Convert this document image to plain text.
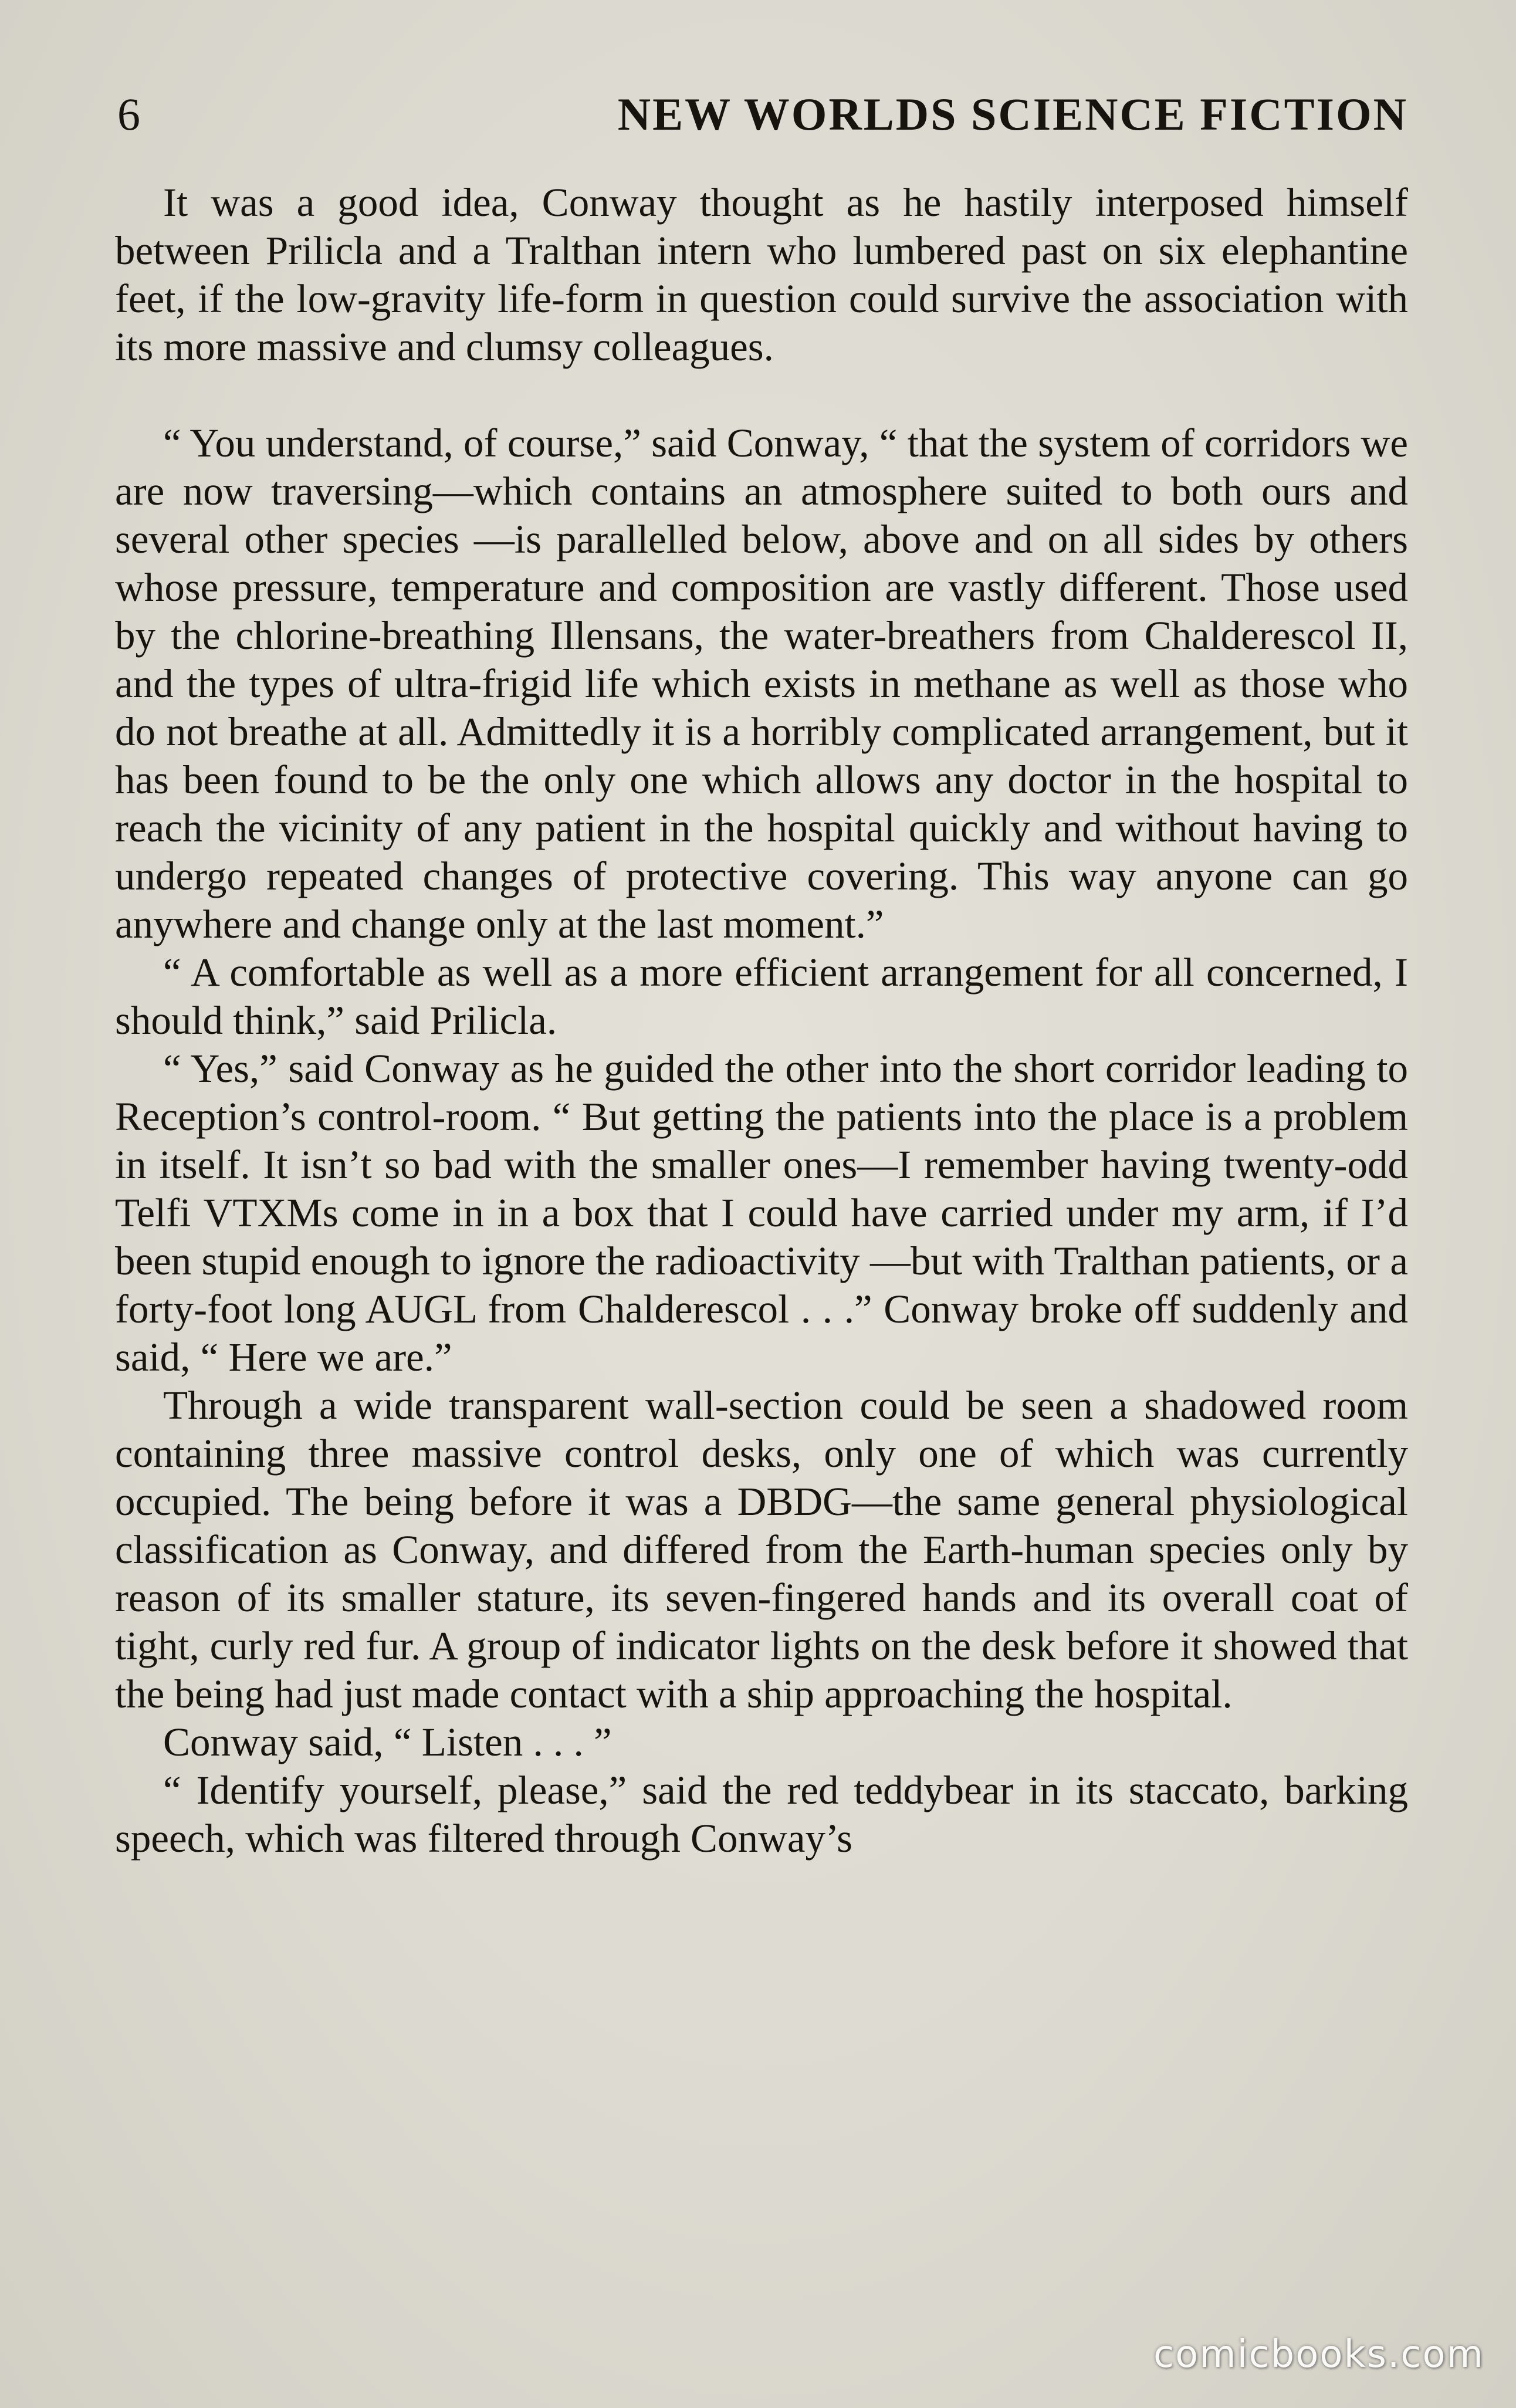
6	NEW WORLDS SCIENCE FICTION

It was a good idea, Conway thought as he hastily interposed himself between Prilicla and a Tralthan intern who lumbered past on six elephantine feet, if the low-gravity life-form in question could survive the association with its more massive and clumsy colleagues.

“ You understand, of course,” said Conway, “ that the system of corridors we are now traversing—which contains an atmosphere suited to both ours and several other species —is parallelled below, above and on all sides by others whose pressure, temperature and composition are vastly different. Those used by the chlorine-breathing Illensans, the water-breathers from Chalderescol II, and the types of ultra-frigid life which exists in methane as well as those who do not breathe at all. Admittedly it is a horribly complicated arrangement, but it has been found to be the only one which allows any doctor in the hospital to reach the vicinity of any patient in the hospital quickly and without having to undergo repeated changes of protective covering. This way anyone can go anywhere and change only at the last moment.”

“ A comfortable as well as a more efficient arrangement for all concerned, I should think,” said Prilicla.

“ Yes,” said Conway as he guided the other into the short corridor leading to Reception’s control-room. “ But getting the patients into the place is a problem in itself. It isn’t so bad with the smaller ones—I remember having twenty-odd Telfi VTXMs come in in a box that I could have carried under my arm, if I’d been stupid enough to ignore the radioactivity —but with Tralthan patients, or a forty-foot long AUGL from Chalderescol . . .” Conway broke off suddenly and said, “ Here we are.”

Through a wide transparent wall-section could be seen a shadowed room containing three massive control desks, only one of which was currently occupied. The being before it was a DBDG—the same general physiological classification as Conway, and differed from the Earth-human species only by reason of its smaller stature, its seven-fingered hands and its overall coat of tight, curly red fur. A group of indicator lights on the desk before it showed that the being had just made contact with a ship approaching the hospital.

Conway said, “ Listen . . . ”

“ Identify yourself, please,” said the red teddybear in its staccato, barking speech, which was filtered through Conway’s

comicbooks.com
